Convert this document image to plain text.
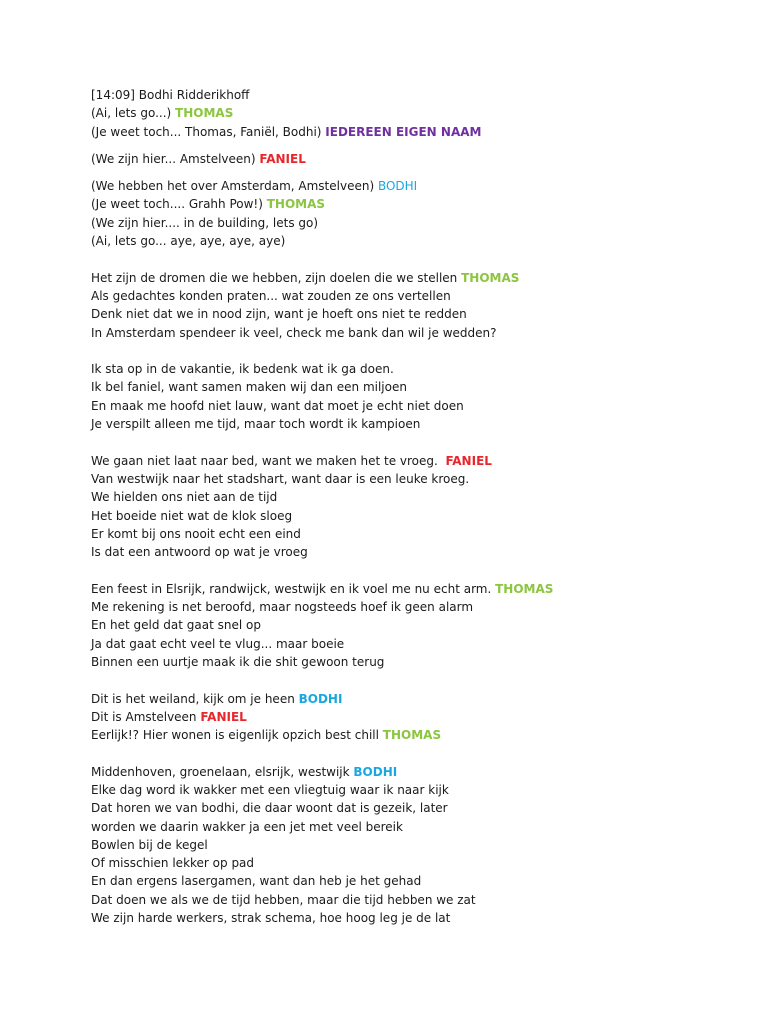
[14:09] Bodhi Ridderikhoff
(Ai, lets go...) THOMAS
(Je weet toch... Thomas, Faniël, Bodhi) IEDEREEN EIGEN NAAM
(We zijn hier... Amstelveen) FANIEL
(We hebben het over Amsterdam, Amstelveen) BODHI
(Je weet toch.... Grahh Pow!) THOMAS
(We zijn hier.... in de building, lets go)
(Ai, lets go... aye, aye, aye, aye)
Het zijn de dromen die we hebben, zijn doelen die we stellen THOMAS
Als gedachtes konden praten... wat zouden ze ons vertellen
Denk niet dat we in nood zijn, want je hoeft ons niet te redden
In Amsterdam spendeer ik veel, check me bank dan wil je wedden?
Ik sta op in de vakantie, ik bedenk wat ik ga doen.
Ik bel faniel, want samen maken wij dan een miljoen
En maak me hoofd niet lauw, want dat moet je echt niet doen
Je verspilt alleen me tijd, maar toch wordt ik kampioen
We gaan niet laat naar bed, want we maken het te vroeg.  FANIEL
Van westwijk naar het stadshart, want daar is een leuke kroeg.
We hielden ons niet aan de tijd
Het boeide niet wat de klok sloeg
Er komt bij ons nooit echt een eind
Is dat een antwoord op wat je vroeg
Een feest in Elsrijk, randwijck, westwijk en ik voel me nu echt arm. THOMAS
Me rekening is net beroofd, maar nogsteeds hoef ik geen alarm
En het geld dat gaat snel op
Ja dat gaat echt veel te vlug... maar boeie
Binnen een uurtje maak ik die shit gewoon terug
Dit is het weiland, kijk om je heen BODHI
Dit is Amstelveen FANIEL
Eerlijk!? Hier wonen is eigenlijk opzich best chill THOMAS
Middenhoven, groenelaan, elsrijk, westwijk BODHI
Elke dag word ik wakker met een vliegtuig waar ik naar kijk
Dat horen we van bodhi, die daar woont dat is gezeik, later
worden we daarin wakker ja een jet met veel bereik
Bowlen bij de kegel
Of misschien lekker op pad
En dan ergens lasergamen, want dan heb je het gehad
Dat doen we als we de tijd hebben, maar die tijd hebben we zat
We zijn harde werkers, strak schema, hoe hoog leg je de lat
